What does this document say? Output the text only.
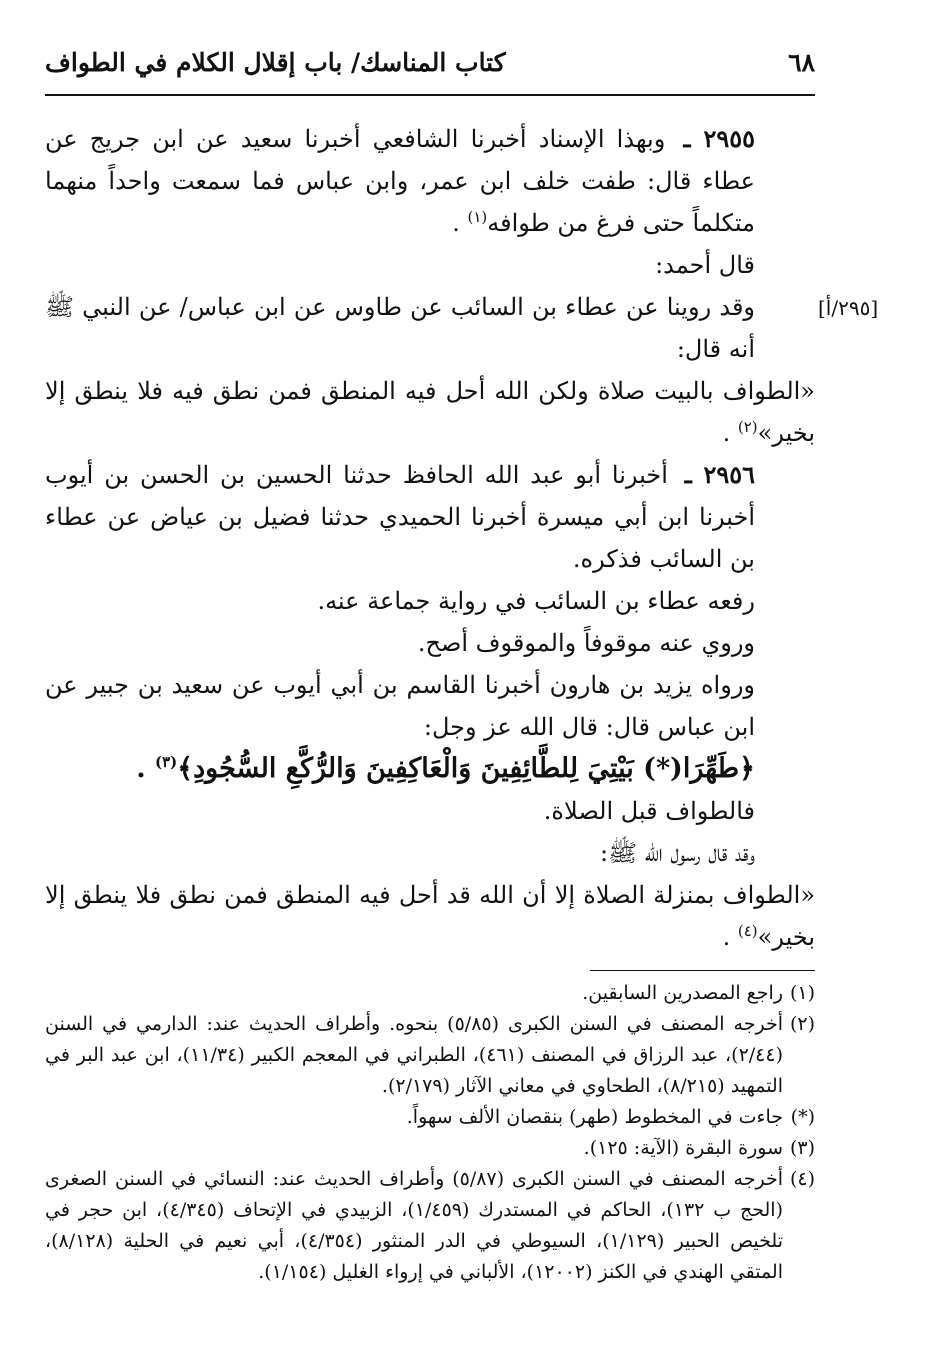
٦٨
كتاب المناسك/ باب إقلال الكلام في الطواف
[٢٩٥/أ]

٢٩٥٥ ـ وبهذا الإسناد أخبرنا الشافعي أخبرنا سعيد عن ابن جريج عن عطاء قال: طفت خلف ابن عمر، وابن عباس فما سمعت واحداً منهما متكلماً حتى فرغ من طوافه$^{(١)}$ .

قال أحمد:

وقد روينا عن عطاء بن السائب عن طاوس عن ابن عباس/ عن النبي ﷺ أنه قال:

«الطواف بالبيت صلاة ولكن الله أحل فيه المنطق فمن نطق فيه فلا ينطق إلا بخير»$^{(٢)}$ .

٢٩٥٦ ـ أخبرنا أبو عبد الله الحافظ حدثنا الحسين بن الحسن بن أيوب أخبرنا ابن أبي ميسرة أخبرنا الحميدي حدثنا فضيل بن عياض عن عطاء بن السائب فذكره.

رفعه عطاء بن السائب في رواية جماعة عنه.

وروي عنه موقوفاً والموقوف أصح.

ورواه يزيد بن هارون أخبرنا القاسم بن أبي أيوب عن سعيد بن جبير عن ابن عباس قال: قال الله عز وجل:

﴿طَهِّرَا(*) بَيْتِيَ لِلطَّائِفِينَ وَالْعَاكِفِينَ وَالرُّكَّعِ السُّجُودِ﴾$^{(٣)}$ .

فالطواف قبل الصلاة.

وقد قال رسول الله ﷺ:

«الطواف بمنزلة الصلاة إلا أن الله قد أحل فيه المنطق فمن نطق فلا ينطق إلا بخير»$^{(٤)}$ .

(١)
راجع المصدرين السابقين.
(٢)
أخرجه المصنف في السنن الكبرى (٥/٨٥) بنحوه. وأطراف الحديث عند: الدارمي في السنن (٢/٤٤)، عبد الرزاق في المصنف (٤٦١)، الطبراني في المعجم الكبير (١١/٣٤)، ابن عبد البر في التمهيد (٨/٢١٥)، الطحاوي في معاني الآثار (٢/١٧٩).
(*)
جاءت في المخطوط (طهر) بنقصان الألف سهواً.
(٣)
سورة البقرة (الآية: ١٢٥).
(٤)
أخرجه المصنف في السنن الكبرى (٥/٨٧) وأطراف الحديث عند: النسائي في السنن الصغرى (الحج ب ١٣٢)، الحاكم في المستدرك (١/٤٥٩)، الزبيدي في الإتحاف (٤/٣٤٥)، ابن حجر في تلخيص الحبير (١/١٢٩)، السيوطي في الدر المنثور (٤/٣٥٤)، أبي نعيم في الحلية (٨/١٢٨)، المتقي الهندي في الكنز (١٢٠٠٢)، الألباني في إرواء الغليل (١/١٥٤).
